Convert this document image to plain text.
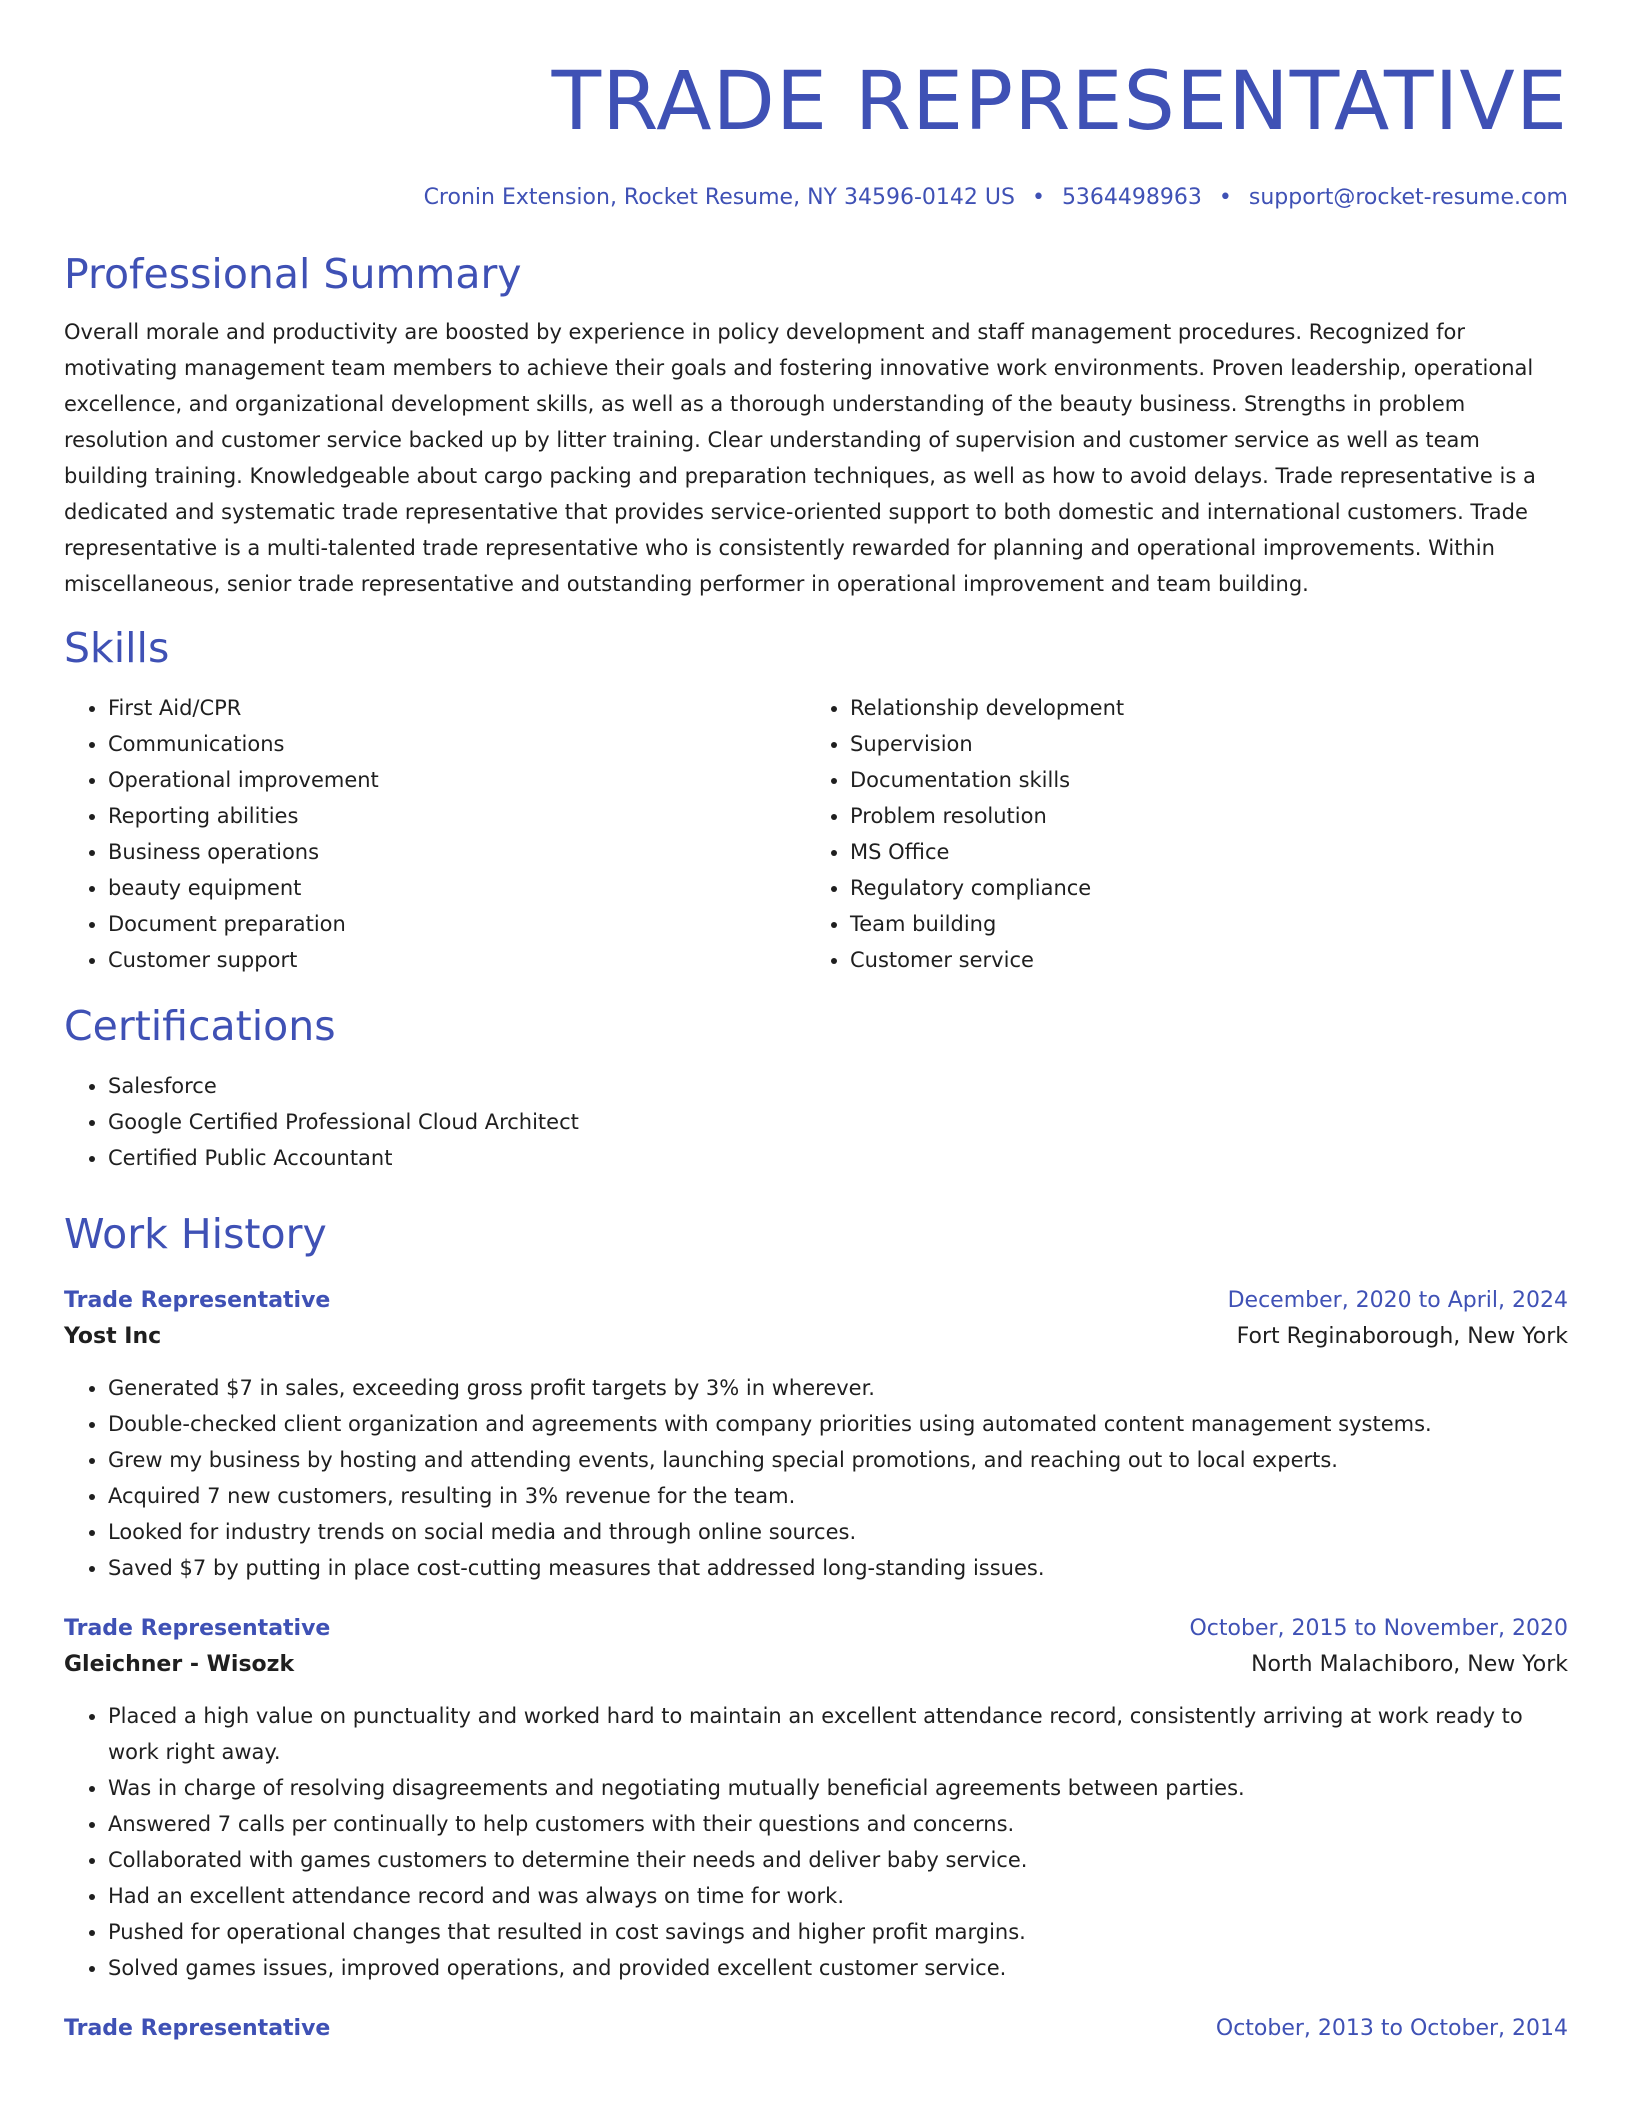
TRADE REPRESENTATIVE
Cronin Extension, Rocket Resume, NY 34596-0142 US • 5364498963 • support@rocket-resume.com
Professional Summary

Overall morale and productivity are boosted by experience in policy development and staff management procedures. Recognized for motivating management team members to achieve their goals and fostering innovative work environments. Proven leadership, operational excellence, and organizational development skills, as well as a thorough understanding of the beauty business. Strengths in problem resolution and customer service backed up by litter training. Clear understanding of supervision and customer service as well as team building training. Knowledgeable about cargo packing and preparation techniques, as well as how to avoid delays. Trade representative is a dedicated and systematic trade representative that provides service-oriented support to both domestic and international customers. Trade representative is a multi-talented trade representative who is consistently rewarded for planning and operational improvements. Within miscellaneous, senior trade representative and outstanding performer in operational improvement and team building.

Skills
• First Aid/CPR
• Communications
• Operational improvement
• Reporting abilities
• Business operations
• beauty equipment
• Document preparation
• Customer support
• Relationship development
• Supervision
• Documentation skills
• Problem resolution
• MS Office
• Regulatory compliance
• Team building
• Customer service
Certifications
• Salesforce
• Google Certified Professional Cloud Architect
• Certified Public Accountant
Work History
Trade Representative	December, 2020 to April, 2024
Yost Inc	Fort Reginaborough, New York
• Generated $7 in sales, exceeding gross profit targets by 3% in wherever.
• Double-checked client organization and agreements with company priorities using automated content management systems.
• Grew my business by hosting and attending events, launching special promotions, and reaching out to local experts.
• Acquired 7 new customers, resulting in 3% revenue for the team.
• Looked for industry trends on social media and through online sources.
• Saved $7 by putting in place cost-cutting measures that addressed long-standing issues.
Trade Representative	October, 2015 to November, 2020
Gleichner - Wisozk	North Malachiboro, New York
• Placed a high value on punctuality and worked hard to maintain an excellent attendance record, consistently arriving at work ready to work right away.
• Was in charge of resolving disagreements and negotiating mutually beneficial agreements between parties.
• Answered 7 calls per continually to help customers with their questions and concerns.
• Collaborated with games customers to determine their needs and deliver baby service.
• Had an excellent attendance record and was always on time for work.
• Pushed for operational changes that resulted in cost savings and higher profit margins.
• Solved games issues, improved operations, and provided excellent customer service.
Trade Representative	October, 2013 to October, 2014
